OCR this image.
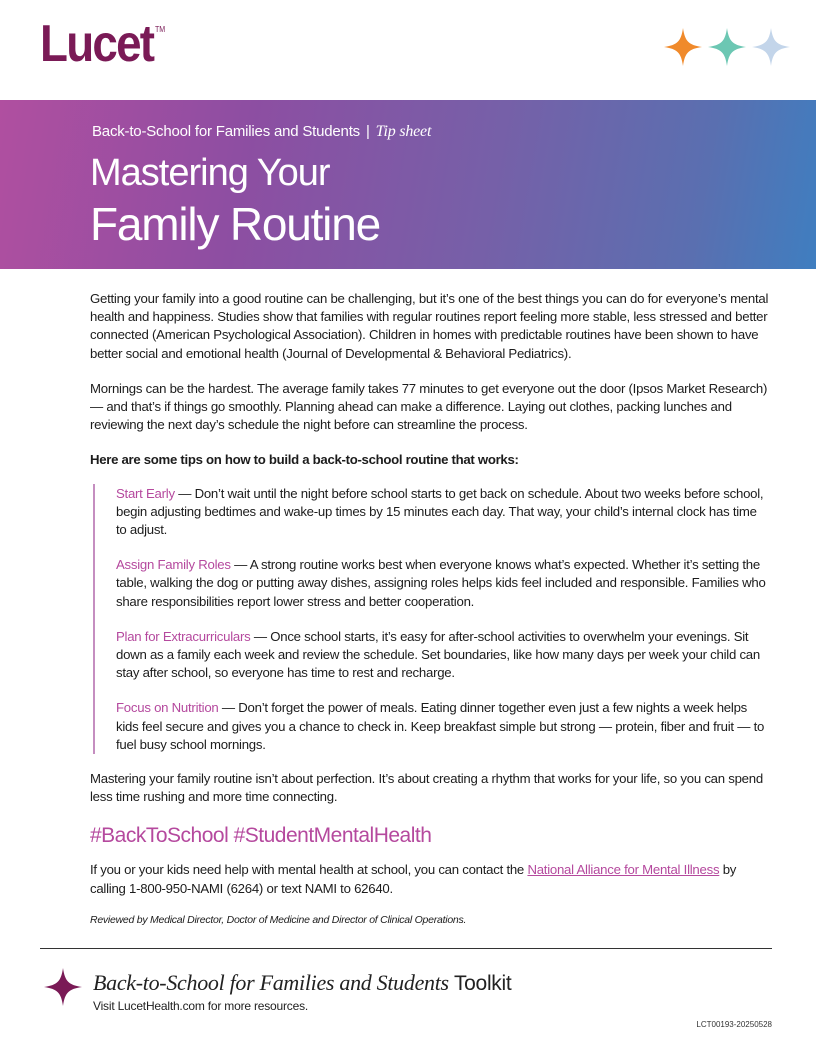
Lucet ™
Back-to-School for Families and Students | Tip sheet
Mastering Your
Family Routine

Getting your family into a good routine can be challenging, but it’s one of the best things you can do for everyone’s mental health and happiness. Studies show that families with regular routines report feeling more stable, less stressed and better connected (American Psychological Association). Children in homes with predictable routines have been shown to have better social and emotional health (Journal of Developmental & Behavioral Pediatrics).

Mornings can be the hardest. The average family takes 77 minutes to get everyone out the door (Ipsos Market Research) — and that’s if things go smoothly. Planning ahead can make a difference. Laying out clothes, packing lunches and reviewing the next day’s schedule the night before can streamline the process.

Here are some tips on how to build a back-to-school routine that works:

Start Early — Don’t wait until the night before school starts to get back on schedule. About two weeks before school, begin adjusting bedtimes and wake-up times by 15 minutes each day. That way, your child’s internal clock has time to adjust.

Assign Family Roles — A strong routine works best when everyone knows what’s expected. Whether it’s setting the table, walking the dog or putting away dishes, assigning roles helps kids feel included and responsible. Families who share responsibilities report lower stress and better cooperation.

Plan for Extracurriculars — Once school starts, it’s easy for after-school activities to overwhelm your evenings. Sit down as a family each week and review the schedule. Set boundaries, like how many days per week your child can stay after school, so everyone has time to rest and recharge.

Focus on Nutrition — Don’t forget the power of meals. Eating dinner together even just a few nights a week helps kids feel secure and gives you a chance to check in. Keep breakfast simple but strong — protein, fiber and fruit — to fuel busy school mornings.

Mastering your family routine isn’t about perfection. It’s about creating a rhythm that works for your life, so you can spend less time rushing and more time connecting.

#BackToSchool #StudentMentalHealth

If you or your kids need help with mental health at school, you can contact the National Alliance for Mental Illness by calling 1-800-950-NAMI (6264) or text NAMI to 62640.

Reviewed by Medical Director, Doctor of Medicine and Director of Clinical Operations.

Back-to-School for Families and Students Toolkit
Visit LucetHealth.com for more resources.
LCT00193-20250528
